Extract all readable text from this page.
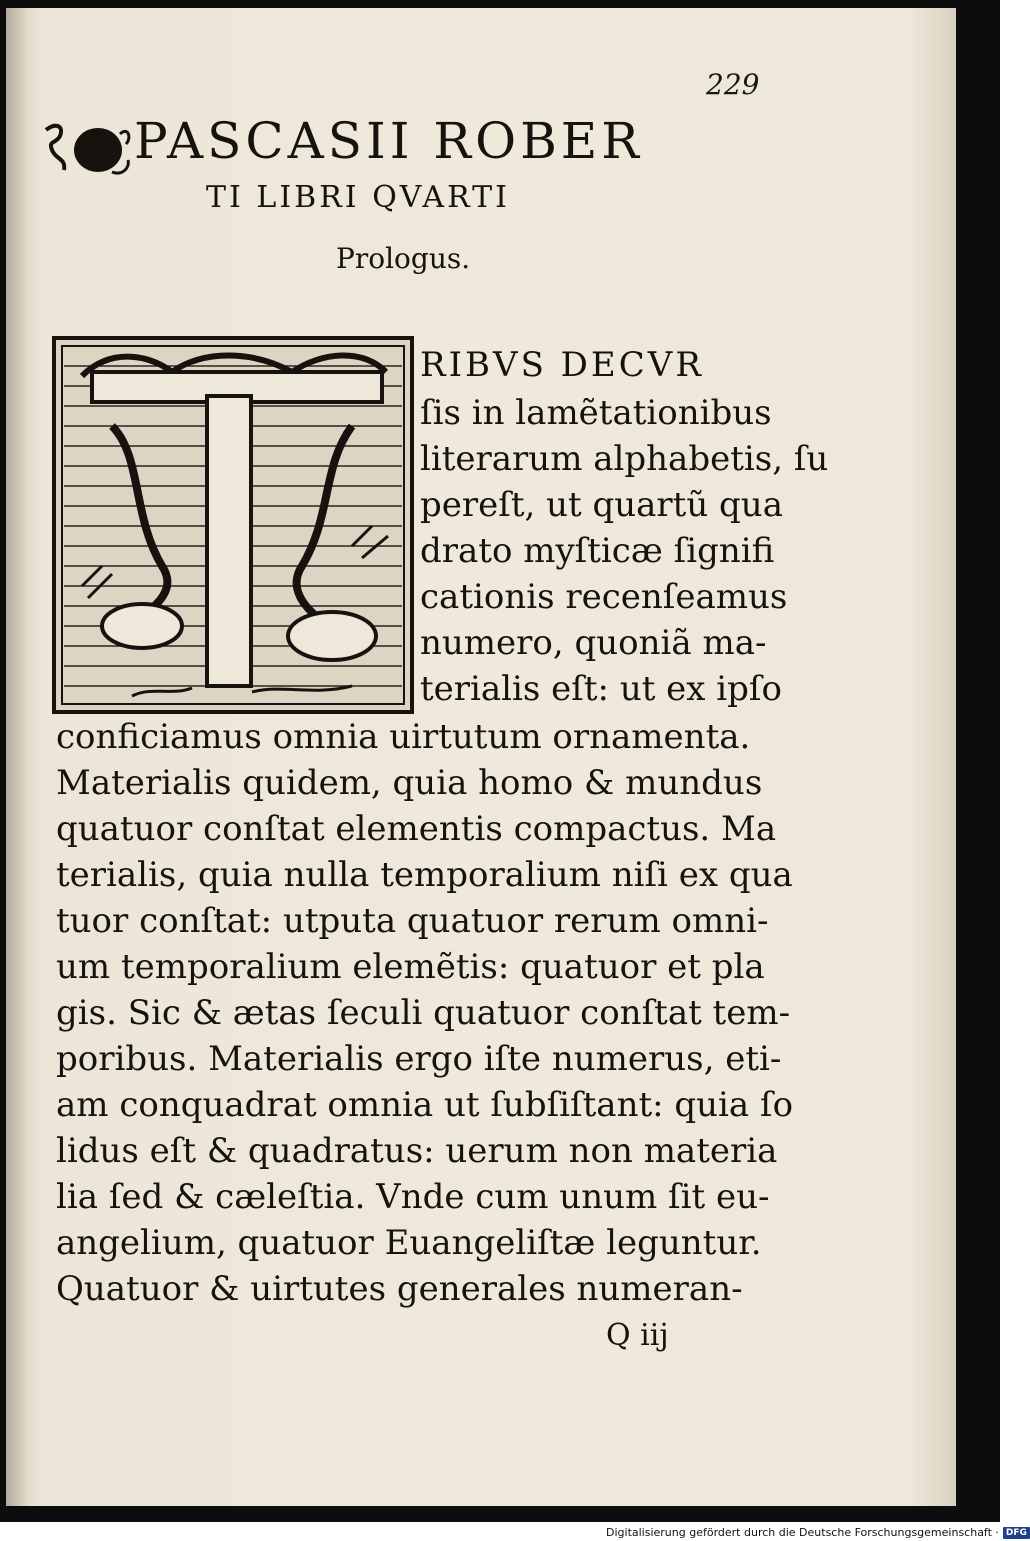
229
PASCASII ROBER
TI LIBRI QVARTI
Prologus.
RIBVS DECVR
ſis in lamẽtationibus
literarum alphabetis, ſu
pereſt, ut quartũ qua
drato myſticæ ſignifi
cationis recenſeamus
numero, quoniã ma-
terialis eſt: ut ex ipſo
conficiamus omnia uirtutum ornamenta.
Materialis quidem, quia homo & mundus
quatuor conſtat elementis compactus. Ma
terialis, quia nulla temporalium niſi ex qua
tuor conſtat: utputa quatuor rerum omni-
um temporalium elemẽtis: quatuor et pla
gis. Sic & ætas ſeculi quatuor conſtat tem-
poribus. Materialis ergo iſte numerus, eti-
am conquadrat omnia ut ſubſiſtant: quia ſo
lidus eſt & quadratus: uerum non materia
lia ſed & cæleſtia. Vnde cum unum ſit eu-
angelium, quatuor Euangeliſtæ leguntur.
Quatuor & uirtutes generales numeran-
Q iij
Digitalisierung gefördert durch die Deutsche Forschungsgemeinschaft · DFG
